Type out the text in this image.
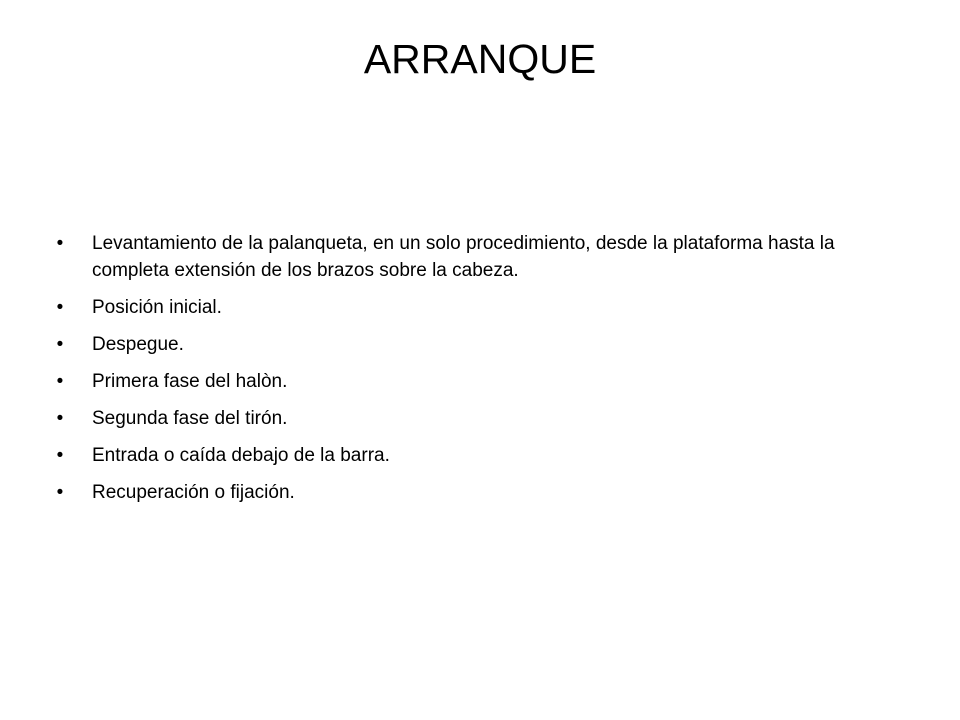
ARRANQUE
• Levantamiento de la palanqueta, en un solo procedimiento, desde la plataforma hasta la completa extensión de los brazos sobre la cabeza.
• Posición inicial.
• Despegue.
• Primera fase del halòn.
• Segunda fase del tirón.
• Entrada o caída debajo de la barra.
• Recuperación o fijación.
